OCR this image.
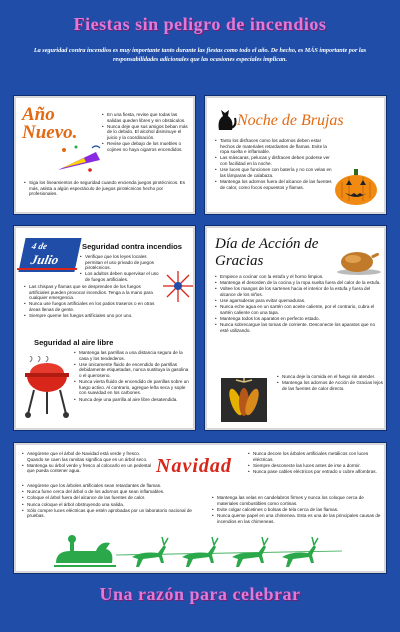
Fiestas sin peligro de incendios
La seguridad contra incendios es muy importante tanto durante las fiestas como todo el año. De hecho, es MÁS importante por las responsabilidades adicionales que las ocasiones especiales implican.
Año Nuevo.
• En una fiesta, revise que todas las salidas queden libres y sin obstáculos.
• Nunca deje que sus amigos beban más de lo debido. El alcohol disminuye el juicio y la coordinación.
• Revise que debajo de los muebles o cojines no haya cigarros encendidos.
• Siga los lineamientos de seguridad cuando encienda juegos pirotécnicos. Es más, asista a algún espectáculo de juegos pirotécnicos hecho por profesionales.
Noche de Brujas
• Tanto los disfraces como los adornos deben estar hechos de materiales retardantes de flamas. Evite la ropa suelta e inflamable.
• Las máscaras, pelucas y disfraces deben poderse ver con facilidad en la noche.
• Use luces que funcionen con batería y no con velas en las lámparas de calabaza.
• Mantenga los adornos fuera del alcance de las fuentes de calor, como focos expuestos y flamas.
4 de
Julio
Seguridad contra incendios
• Verifique que los leyes locales permitan el uso privado de juegos pirotécnicos.
• Los adultos deben supervisar el uso de fuegos artificiales.
• Las chispas y flamas que se desprenden de los fuegos artificiales pueden provocar incendios. Tenga a la mano para cualquier emergencia.
• Nunca use fuegos artificiales en los patios traseros o en otras áreas llenas de gente.
• Siempre queme los fuegos artificiales uno por uno.
Seguridad al aire libre
• Mantenga las parrillas a una distancia segura de la casa y los tendederos.
• Use únicamente fluido de encendido de parrillas debidamente etiquetadas, nunca sustituya la gasolina o el queroseno.
• Nunca vierta fluido de encendido de parrillas sobre un fuego activo. Al contrario, agregue leña seca y sople con suavidad en los carbones.
• Nunca deje una parrilla al aire libre desatendida.
Día de Acción de Gracias
• Empiece a cocinar con la estufa y el horno limpios.
• Mantenga el desorden de la cocina y la ropa suelta fuera del calor de la estufa.
• Voltee los mangos de los sartenes hacia el interior de la estufa y fuera del alcance de los niños.
• Use agarraderas para evitar quemaduras.
• Nunca eche agua en un sartén con aceite caliente, por el contrario, cubra el sartén caliente con una tapa.
• Mantenga todos los aparatos en perfecto estado.
• Nunca sobrecargue las tomas de corriente. Desconecte los aparatos que no esté utilizando.
• Nunca deje la comida en el fuego sin atender.
• Mantenga los adornos de Acción de Gracias lejos de las fuentes de calor directo.
• Asegúrese que el árbol de Navidad está verde y fresco. Quando se caen las ramitas significa que es un árbol seco.
• Mantenga su árbol verde y fresco al colocarlo en un pedestal que pueda contener agua.	Navidad
• Nunca decore los árboles artificiales metálicos con luces eléctricas.
• Siempre desconecte las luces antes de irse a dormir.
• Nunca pase cables eléctricos por entrado o cubre alfombras.
• Asegúrese que los árboles artificiales sean retardantes de flamas.
• Nunca fume cerca del árbol o de los adornos que sean inflamables.
• Coloque el árbol fuera del alcance de las fuentes de calor.
• Nunca coloque el árbol obstruyendo una salida.
• Sólo compre luces eléctricas que estén aprobadas por un laboratorio nacional de pruebas.
• Mantenga las velas en candelabros firmes y nunca los coloque cerca de materiales combustibles como cortinas.
• Evite colgar calcetines o bolsas de tela cerca de las flamas.
• Nunca queme papel en una chimenea. Esta es una de las principales causas de incendios en las chimeneas.
Una razón para celebrar
